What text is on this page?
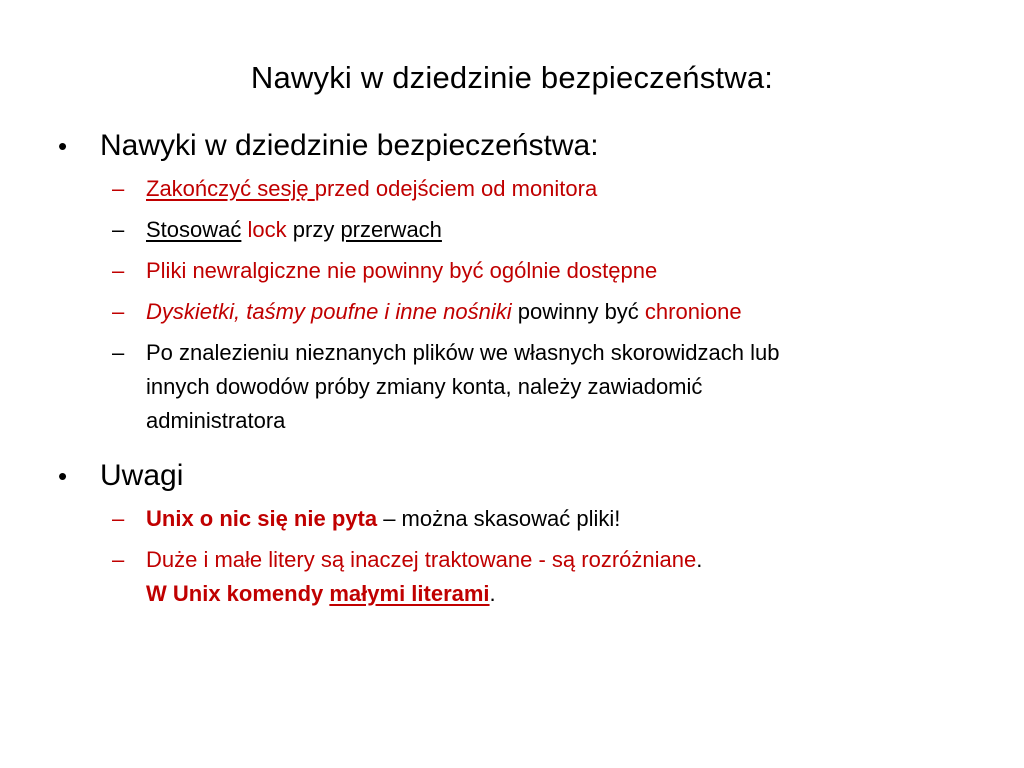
Nawyki w dziedzinie bezpieczeństwa:
• Nawyki w dziedzinie bezpieczeństwa:
– Zakończyć sesję przed odejściem od monitora
– Stosować lock przy przerwach
– Pliki newralgiczne nie powinny być ogólnie dostępne
– Dyskietki, taśmy poufne i inne nośniki powinny być chronione
– Po znalezieniu nieznanych plików we własnych skorowidzach lub
innych dowodów próby zmiany konta, należy zawiadomić
administratora
• Uwagi
– Unix o nic się nie pyta – można skasować pliki!
– Duże i małe litery są inaczej traktowane - są rozróżniane.
W Unix komendy małymi literami.
